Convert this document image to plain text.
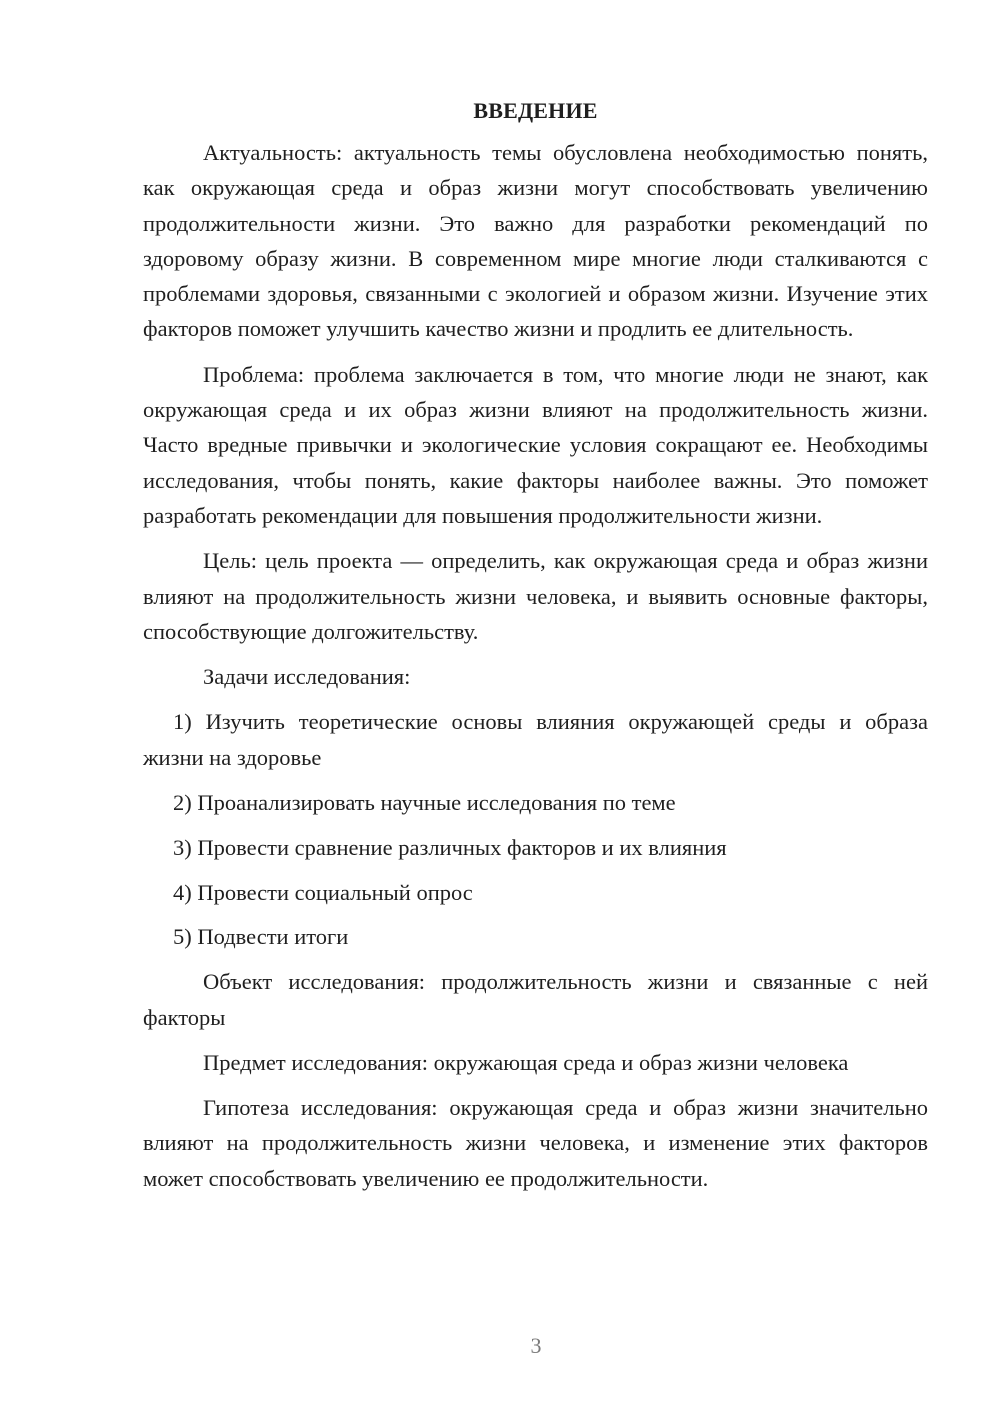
ВВЕДЕНИЕ
Актуальность: актуальность темы обусловлена необходимостью понять, как окружающая среда и образ жизни могут способствовать увеличению продолжительности жизни. Это важно для разработки рекомендаций по здоровому образу жизни. В современном мире многие люди сталкиваются с проблемами здоровья, связанными с экологией и образом жизни. Изучение этих факторов поможет улучшить качество жизни и продлить ее длительность.
Проблема: проблема заключается в том, что многие люди не знают, как окружающая среда и их образ жизни влияют на продолжительность жизни. Часто вредные привычки и экологические условия сокращают ее. Необходимы исследования, чтобы понять, какие факторы наиболее важны. Это поможет разработать рекомендации для повышения продолжительности жизни.
Цель: цель проекта — определить, как окружающая среда и образ жизни влияют на продолжительность жизни человека, и выявить основные факторы, способствующие долгожительству.
Задачи исследования:
1) Изучить теоретические основы влияния окружающей среды и образа жизни на здоровье
2) Проанализировать научные исследования по теме
3) Провести сравнение различных факторов и их влияния
4) Провести социальный опрос
5) Подвести итоги
Объект исследования: продолжительность жизни и связанные с ней факторы
Предмет исследования: окружающая среда и образ жизни человека
Гипотеза исследования: окружающая среда и образ жизни значительно влияют на продолжительность жизни человека, и изменение этих факторов может способствовать увеличению ее продолжительности.
3
